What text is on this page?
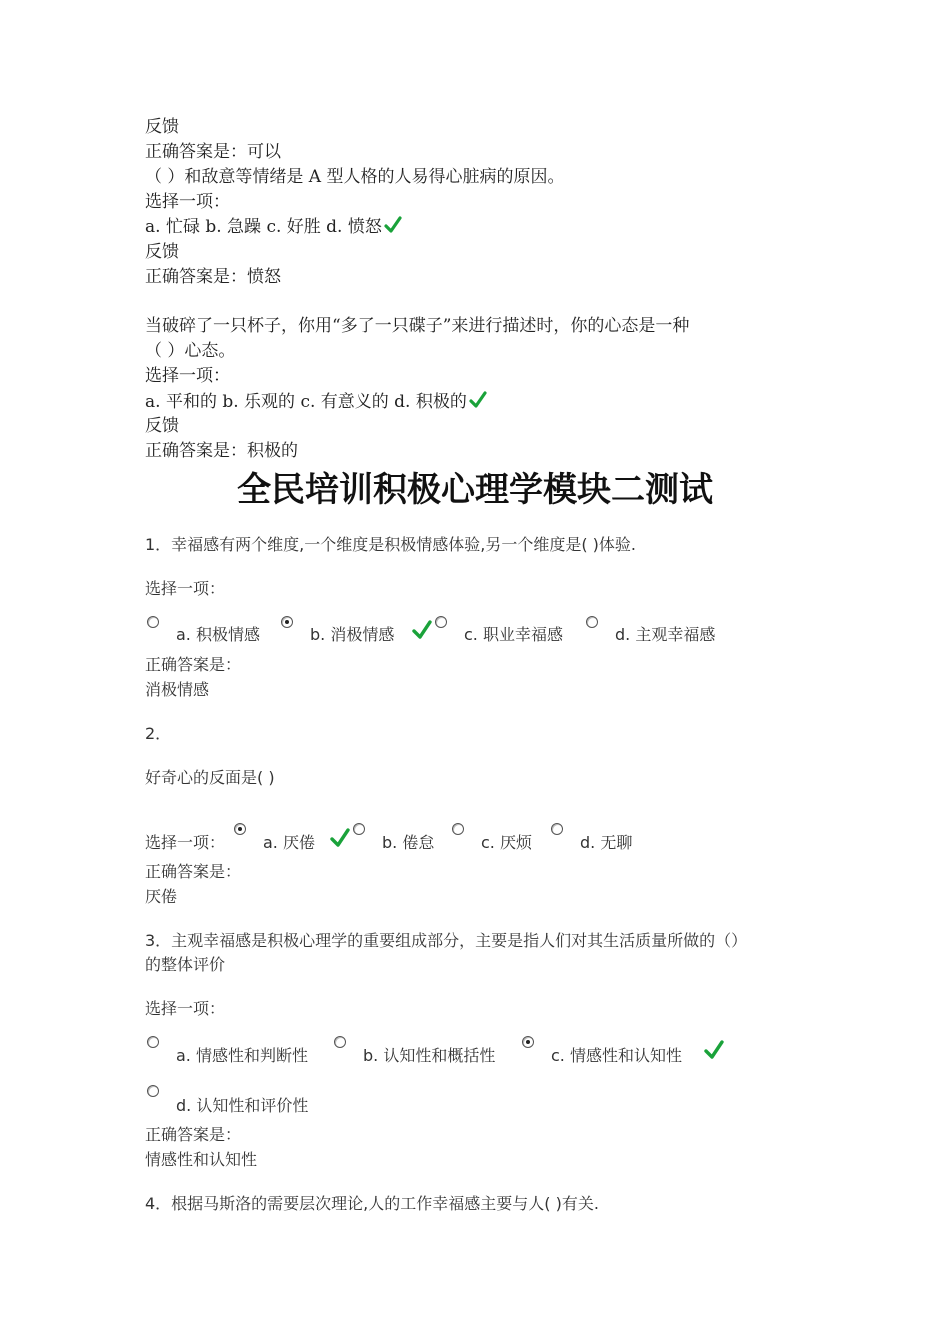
反馈
正确答案是：可以
（ ）和敌意等情绪是 A 型人格的人易得心脏病的原因。
选择一项：
a. 忙碌 b. 急躁 c. 好胜 d. 愤怒
反馈
正确答案是：愤怒
当破碎了一只杯子，你用“多了一只碟子”来进行描述时，你的心态是一种
（ ）心态。
选择一项：
a. 平和的 b. 乐观的 c. 有意义的 d. 积极的
反馈
正确答案是：积极的
全民培训积极心理学模块二测试
1．幸福感有两个维度,一个维度是积极情感体验,另一个维度是( )体验.
选择一项：
a. 积极情感	b. 消极情感	c. 职业幸福感	d. 主观幸福感
正确答案是：
消极情感
2．
好奇心的反面是( )
选择一项： a. 厌倦	b. 倦怠	c. 厌烦	d. 无聊
正确答案是：
厌倦
3．主观幸福感是积极心理学的重要组成部分，主要是指人们对其生活质量所做的（）
的整体评价
选择一项：
a. 情感性和判断性	b. 认知性和概括性	c. 情感性和认知性
d. 认知性和评价性
正确答案是：
情感性和认知性
4．根据马斯洛的需要层次理论,人的工作幸福感主要与人( )有关.
